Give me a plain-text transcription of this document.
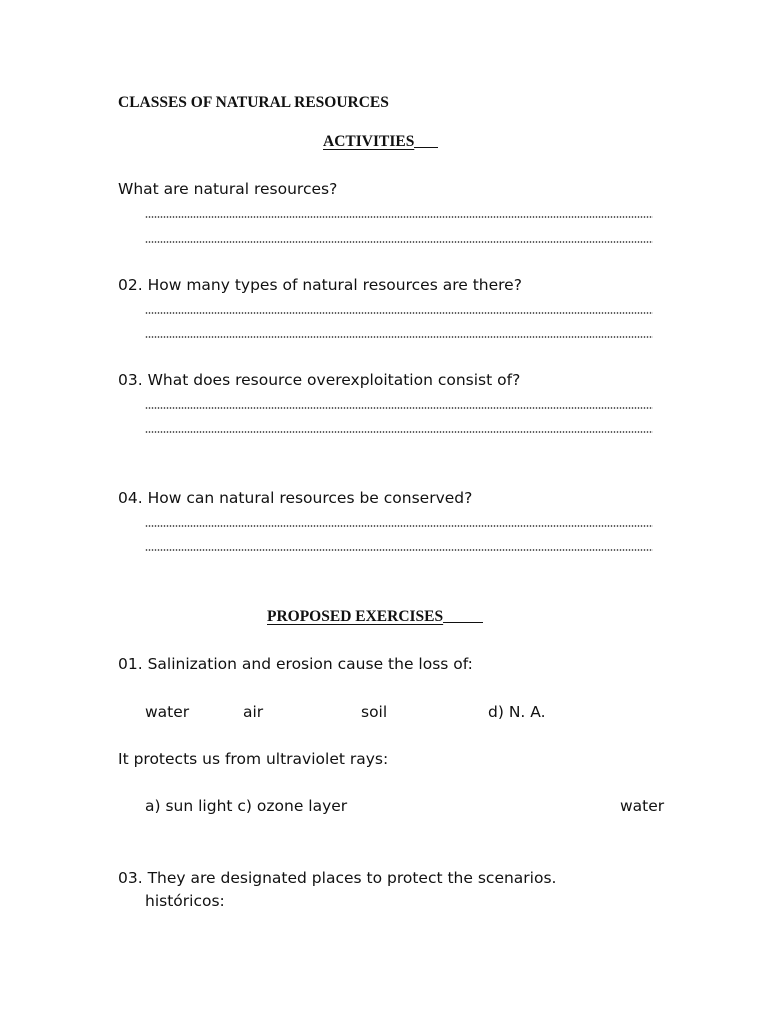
CLASSES OF NATURAL RESOURCES
ACTIVITIES
What are natural resources?
02. How many types of natural resources are there?
03. What does resource overexploitation consist of?
04. How can natural resources be conserved?
PROPOSED EXERCISES
01. Salinization and erosion cause the loss of:
water	air	soil	d) N. A.
It protects us from ultraviolet rays:
a) sun light c) ozone layer	water
03. They are designated places to protect the scenarios.
históricos:
